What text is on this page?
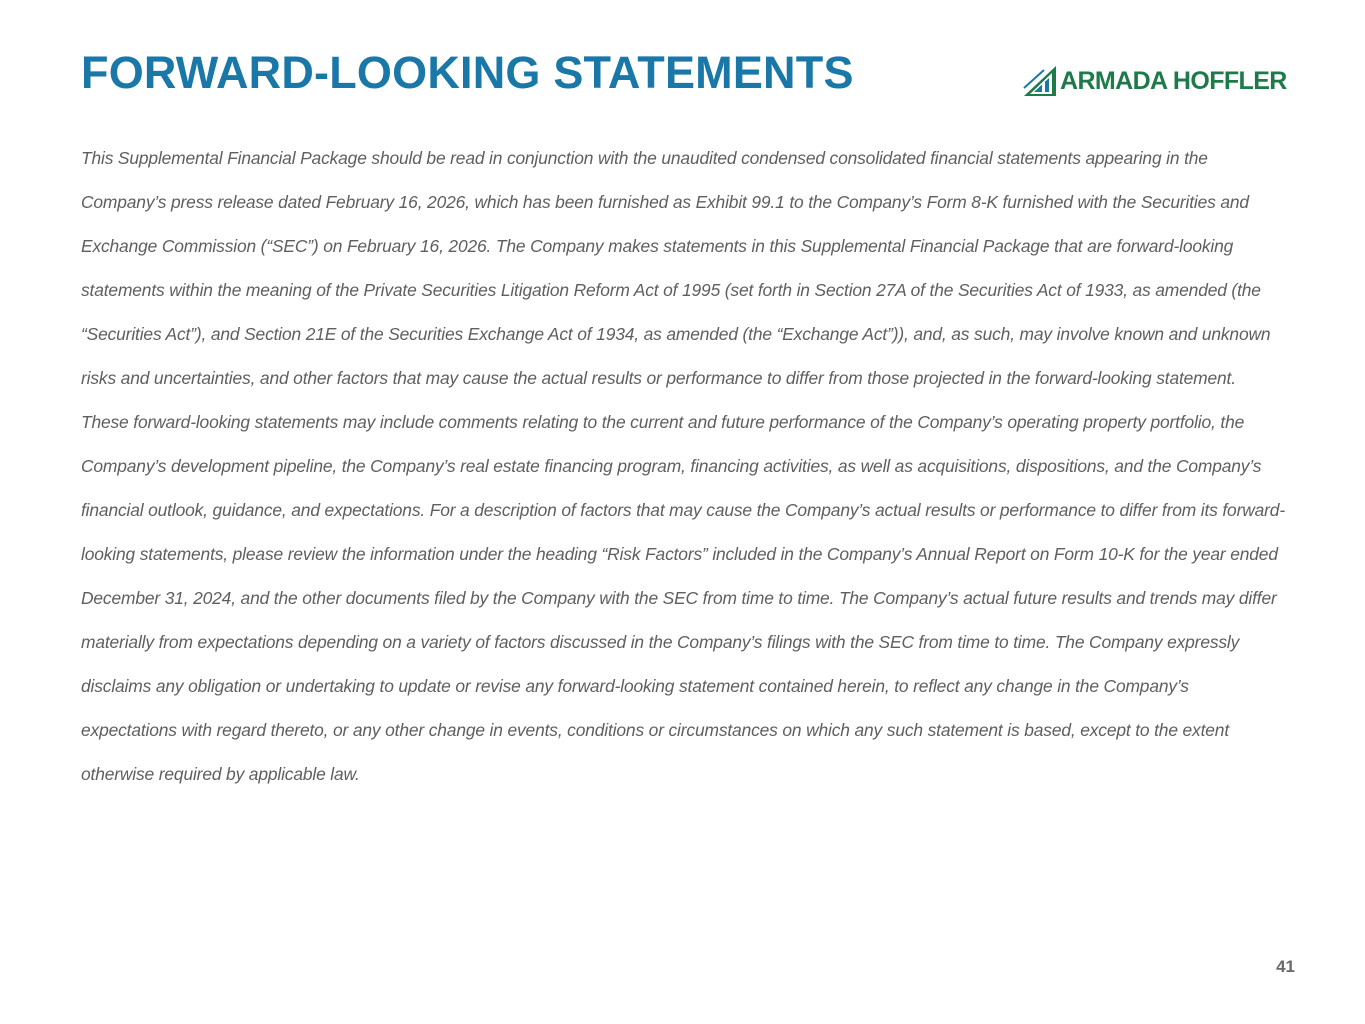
FORWARD-LOOKING STATEMENTS	ARMADA HOFFLER

This Supplemental Financial Package should be read in conjunction with the unaudited condensed consolidated financial statements appearing in the Company’s press release dated February 16, 2026, which has been furnished as Exhibit 99.1 to the Company’s Form 8-K furnished with the Securities and Exchange Commission (“SEC”) on February 16, 2026. The Company makes statements in this Supplemental Financial Package that are forward-looking statements within the meaning of the Private Securities Litigation Reform Act of 1995 (set forth in Section 27A of the Securities Act of 1933, as amended (the “Securities Act”), and Section 21E of the Securities Exchange Act of 1934, as amended (the “Exchange Act”)), and, as such, may involve known and unknown risks and uncertainties, and other factors that may cause the actual results or performance to differ from those projected in the forward-looking statement. These forward-looking statements may include comments relating to the current and future performance of the Company’s operating property portfolio, the Company’s development pipeline, the Company’s real estate financing program, financing activities, as well as acquisitions, dispositions, and the Company’s financial outlook, guidance, and expectations. For a description of factors that may cause the Company’s actual results or performance to differ from its forward-looking statements, please review the information under the heading “Risk Factors” included in the Company’s Annual Report on Form 10-K for the year ended December 31, 2024, and the other documents filed by the Company with the SEC from time to time. The Company’s actual future results and trends may differ materially from expectations depending on a variety of factors discussed in the Company’s filings with the SEC from time to time. The Company expressly disclaims any obligation or undertaking to update or revise any forward-looking statement contained herein, to reflect any change in the Company’s expectations with regard thereto, or any other change in events, conditions or circumstances on which any such statement is based, except to the extent otherwise required by applicable law.

41
